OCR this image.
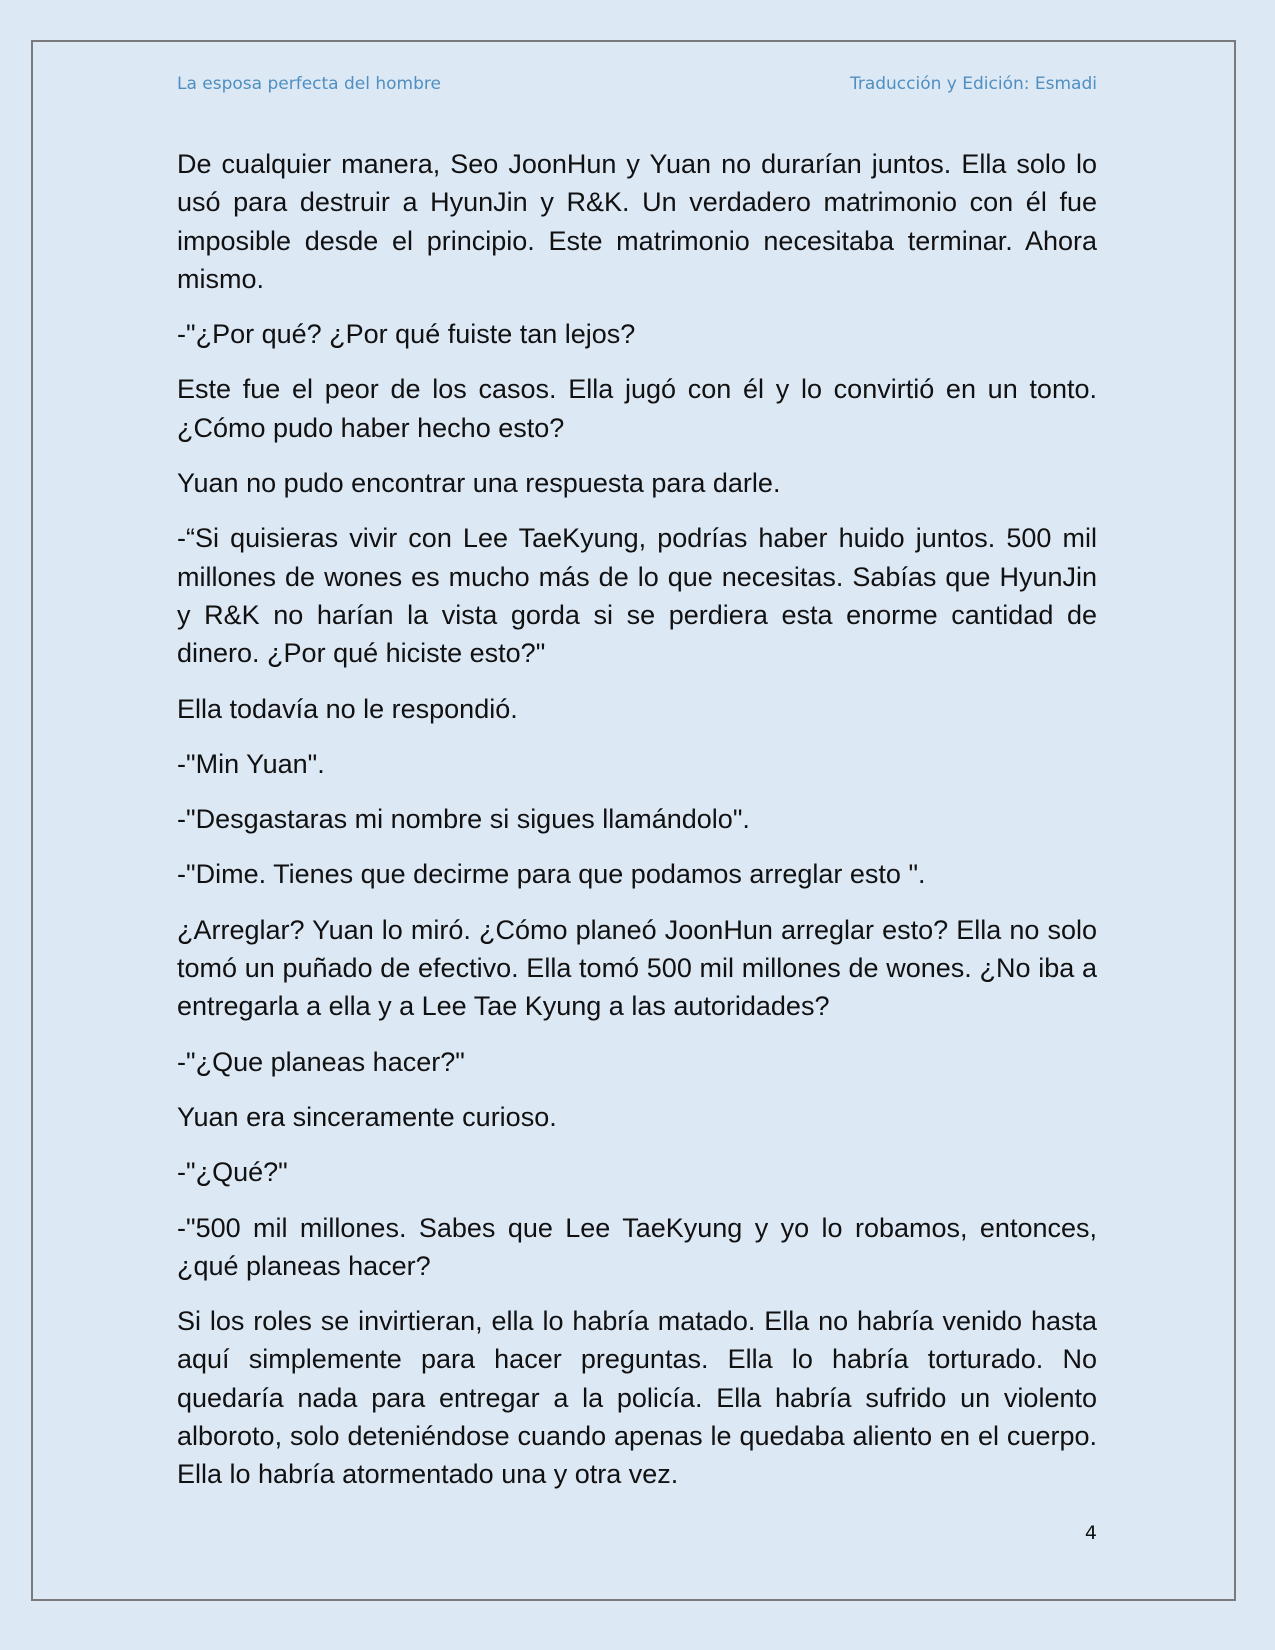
La esposa perfecta del hombre	Traducción y Edición: Esmadi

De cualquier manera, Seo JoonHun y Yuan no durarían juntos. Ella solo lo usó para destruir a HyunJin y R&K. Un verdadero matrimonio con él fue imposible desde el principio. Este matrimonio necesitaba terminar. Ahora mismo.

-"¿Por qué? ¿Por qué fuiste tan lejos?

Este fue el peor de los casos. Ella jugó con él y lo convirtió en un tonto. ¿Cómo pudo haber hecho esto?

Yuan no pudo encontrar una respuesta para darle.

-“Si quisieras vivir con Lee TaeKyung, podrías haber huido juntos. 500 mil millones de wones es mucho más de lo que necesitas. Sabías que HyunJin y R&K no harían la vista gorda si se perdiera esta enorme cantidad de dinero. ¿Por qué hiciste esto?"

Ella todavía no le respondió.

-"Min Yuan".

-"Desgastaras mi nombre si sigues llamándolo".

-"Dime. Tienes que decirme para que podamos arreglar esto ".

¿Arreglar? Yuan lo miró. ¿Cómo planeó JoonHun arreglar esto? Ella no solo tomó un puñado de efectivo. Ella tomó 500 mil millones de wones. ¿No iba a entregarla a ella y a Lee Tae Kyung a las autoridades?

-"¿Que planeas hacer?"

Yuan era sinceramente curioso.

-"¿Qué?"

-"500 mil millones. Sabes que Lee TaeKyung y yo lo robamos, entonces, ¿qué planeas hacer?

Si los roles se invirtieran, ella lo habría matado. Ella no habría venido hasta aquí simplemente para hacer preguntas. Ella lo habría torturado. No quedaría nada para entregar a la policía. Ella habría sufrido un violento alboroto, solo deteniéndose cuando apenas le quedaba aliento en el cuerpo. Ella lo habría atormentado una y otra vez.

4
